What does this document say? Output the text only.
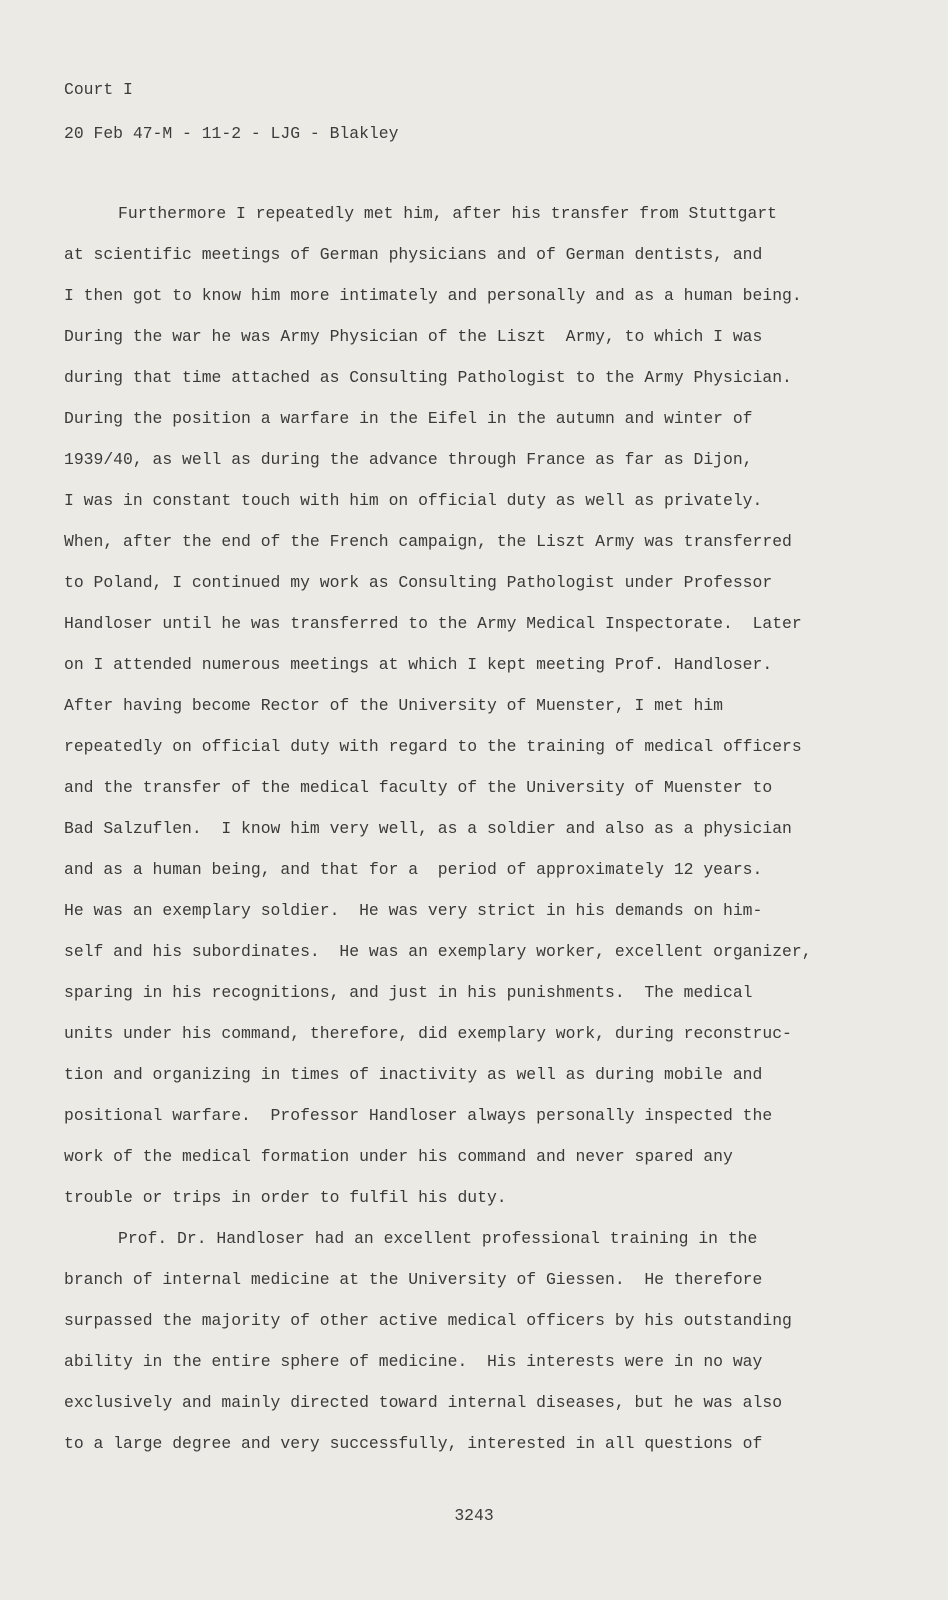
Court I

20 Feb 47-M - 11-2 - LJG - Blakley

Furthermore I repeatedly met him, after his transfer from Stuttgart

at scientific meetings of German physicians and of German dentists, and

I then got to know him more intimately and personally and as a human being.

During the war he was Army Physician of the Liszt  Army, to which I was

during that time attached as Consulting Pathologist to the Army Physician.

During the position a warfare in the Eifel in the autumn and winter of

1939/40, as well as during the advance through France as far as Dijon,

I was in constant touch with him on official duty as well as privately.

When, after the end of the French campaign, the Liszt Army was transferred

to Poland, I continued my work as Consulting Pathologist under Professor

Handloser until he was transferred to the Army Medical Inspectorate.  Later

on I attended numerous meetings at which I kept meeting Prof. Handloser.

After having become Rector of the University of Muenster, I met him

repeatedly on official duty with regard to the training of medical officers

and the transfer of the medical faculty of the University of Muenster to

Bad Salzuflen.  I know him very well, as a soldier and also as a physician

and as a human being, and that for a  period of approximately 12 years.

He was an exemplary soldier.  He was very strict in his demands on him-

self and his subordinates.  He was an exemplary worker, excellent organizer,

sparing in his recognitions, and just in his punishments.  The medical

units under his command, therefore, did exemplary work, during reconstruc-

tion and organizing in times of inactivity as well as during mobile and

positional warfare.  Professor Handloser always personally inspected the

work of the medical formation under his command and never spared any

trouble or trips in order to fulfil his duty.

Prof. Dr. Handloser had an excellent professional training in the

branch of internal medicine at the University of Giessen.  He therefore

surpassed the majority of other active medical officers by his outstanding

ability in the entire sphere of medicine.  His interests were in no way

exclusively and mainly directed toward internal diseases, but he was also

to a large degree and very successfully, interested in all questions of

3243
